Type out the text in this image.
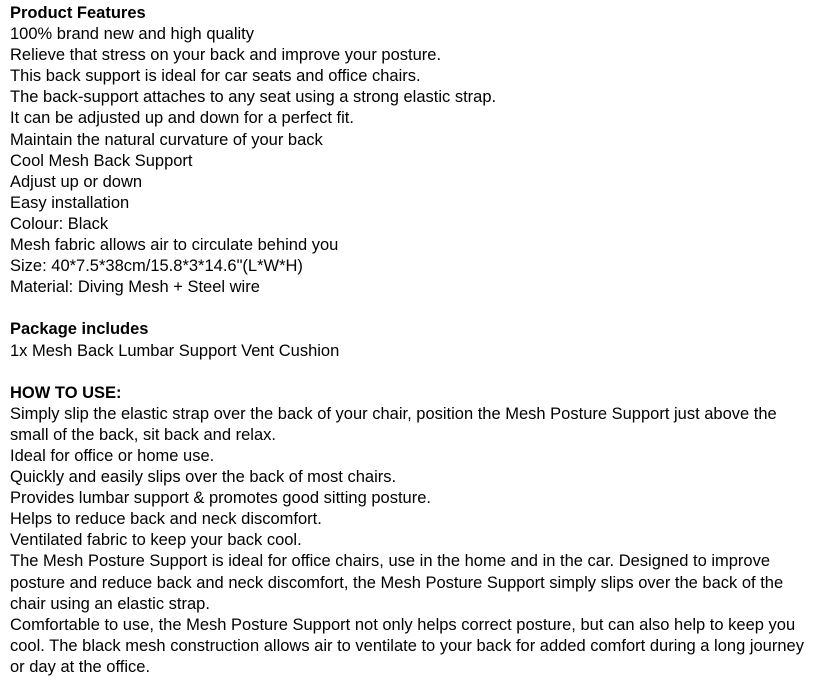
Product Features
100% brand new and high quality
Relieve that stress on your back and improve your posture.
This back support is ideal for car seats and office chairs.
The back-support attaches to any seat using a strong elastic strap.
It can be adjusted up and down for a perfect fit.
Maintain the natural curvature of your back
Cool Mesh Back Support
Adjust up or down
Easy installation
Colour: Black
Mesh fabric allows air to circulate behind you
Size: 40*7.5*38cm/15.8*3*14.6"(L*W*H)
Material: Diving Mesh + Steel wire
Package includes
1x Mesh Back Lumbar Support Vent Cushion
HOW TO USE:
Simply slip the elastic strap over the back of your chair, position the Mesh Posture Support just above the small of the back, sit back and relax.
Ideal for office or home use.
Quickly and easily slips over the back of most chairs.
Provides lumbar support & promotes good sitting posture.
Helps to reduce back and neck discomfort.
Ventilated fabric to keep your back cool.
The Mesh Posture Support is ideal for office chairs, use in the home and in the car. Designed to improve posture and reduce back and neck discomfort, the Mesh Posture Support simply slips over the back of the chair using an elastic strap.
Comfortable to use, the Mesh Posture Support not only helps correct posture, but can also help to keep you cool. The black mesh construction allows air to ventilate to your back for added comfort during a long journey or day at the office.
